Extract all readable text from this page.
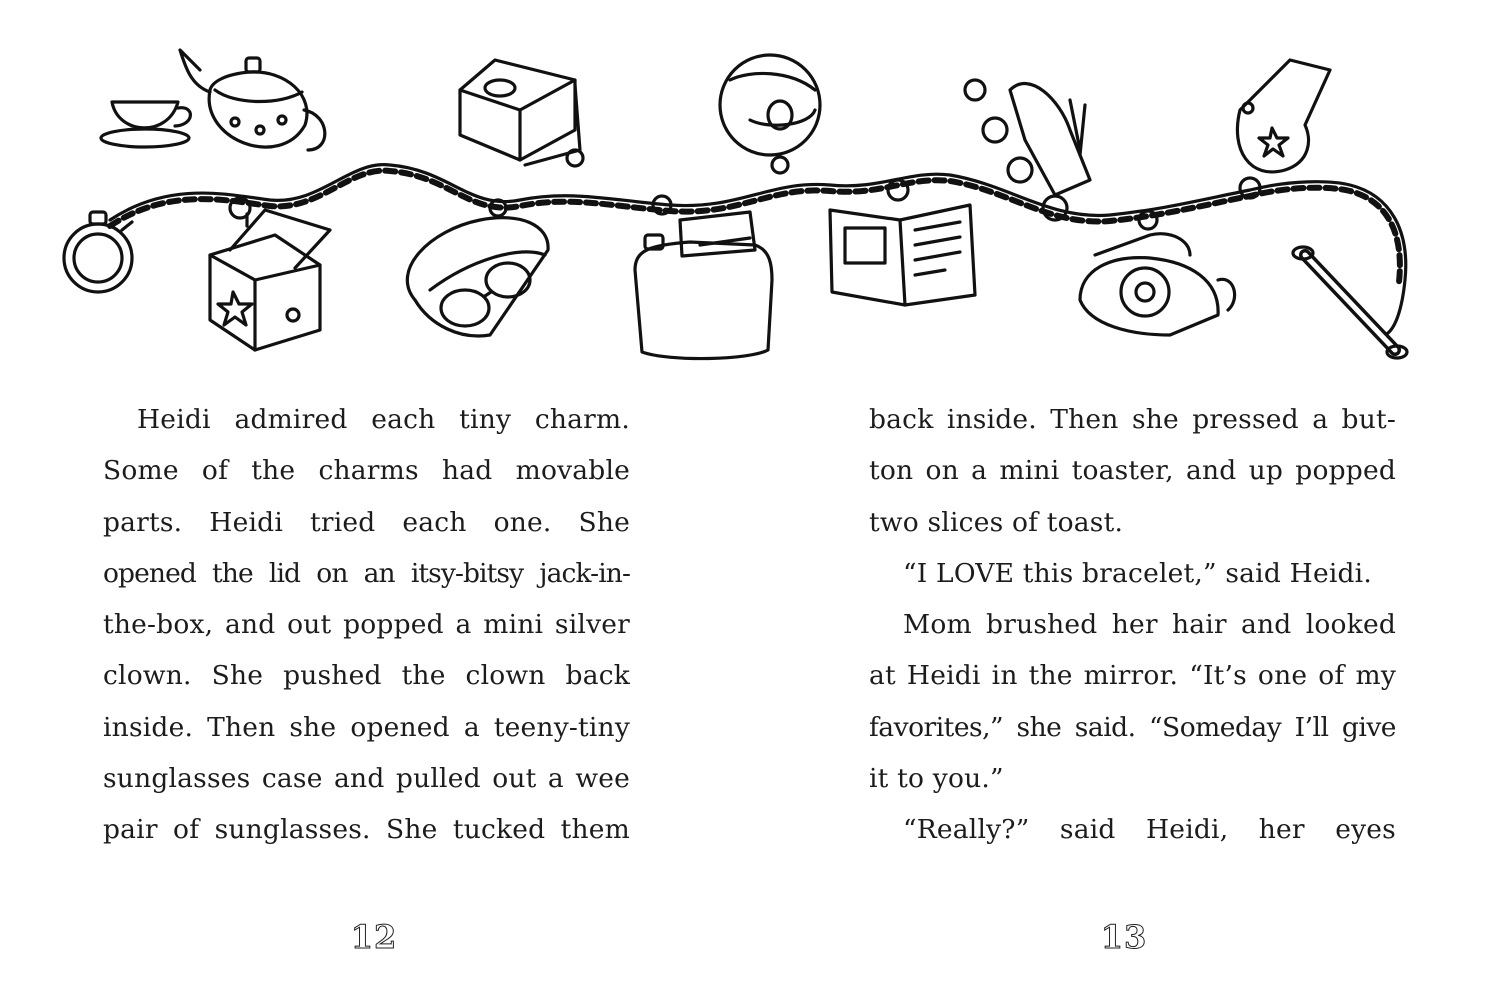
Heidi admired each tiny charm.
Some of the charms had movable
parts. Heidi tried each one. She
opened the lid on an itsy-bitsy jack-in-
the-box, and out popped a mini silver
clown. She pushed the clown back
inside. Then she opened a teeny-tiny
sunglasses case and pulled out a wee
pair of sunglasses. She tucked them
back inside. Then she pressed a but-
ton on a mini toaster, and up popped
two slices of toast.
“I LOVE this bracelet,” said Heidi.
Mom brushed her hair and looked
at Heidi in the mirror. “It’s one of my
favorites,” she said. “Someday I’ll give
it to you.”
“Really?” said Heidi, her eyes
12	13
